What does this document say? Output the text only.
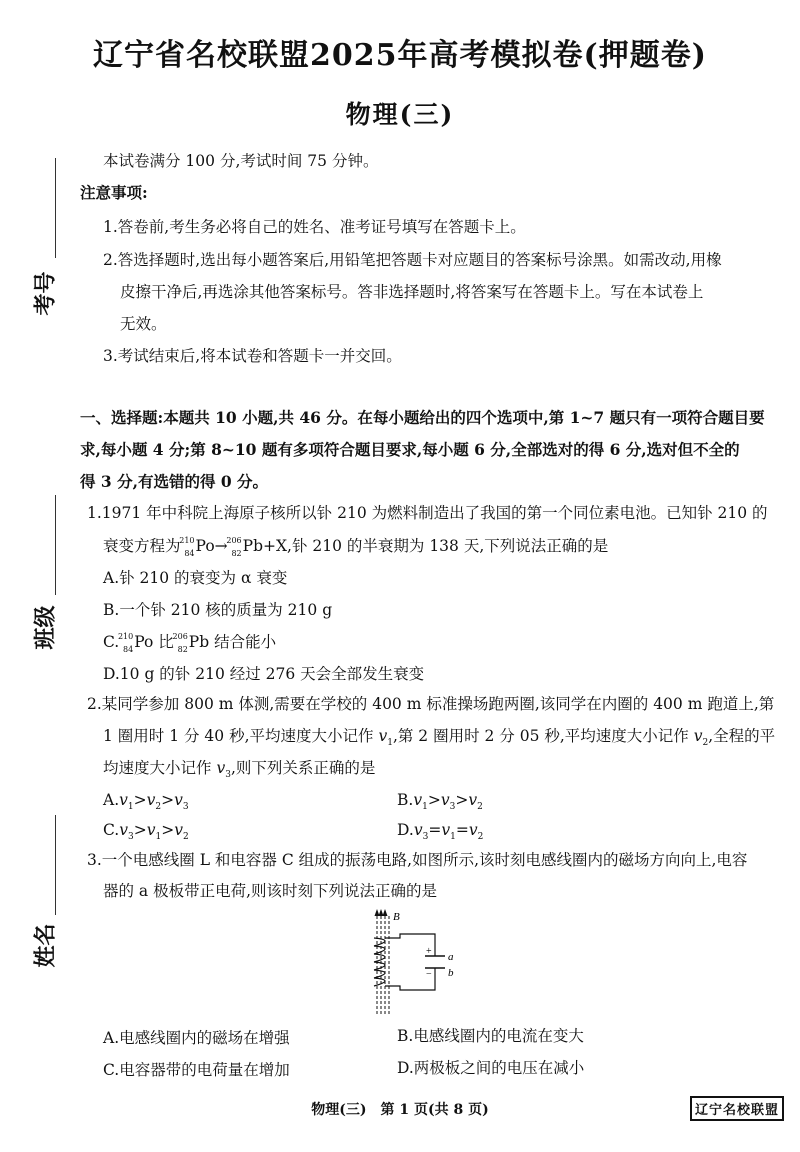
辽宁省名校联盟2025年高考模拟卷(押题卷)
物理(三)
考号
班级
姓名
本试卷满分 100 分,考试时间 75 分钟。
注意事项:
1.答卷前,考生务必将自己的姓名、准考证号填写在答题卡上。
2.答选择题时,选出每小题答案后,用铅笔把答题卡对应题目的答案标号涂黑。如需改动,用橡
皮擦干净后,再选涂其他答案标号。答非选择题时,将答案写在答题卡上。写在本试卷上
无效。
3.考试结束后,将本试卷和答题卡一并交回。
一、选择题:本题共 10 小题,共 46 分。在每小题给出的四个选项中,第 1~7 题只有一项符合题目要
求,每小题 4 分;第 8~10 题有多项符合题目要求,每小题 6 分,全部选对的得 6 分,选对但不全的
得 3 分,有选错的得 0 分。
1.1971 年中科院上海原子核所以钋 210 为燃料制造出了我国的第一个同位素电池。已知钋 210 的
衰变方程为
210
84 Po→
206
82 Pb+X,钋 210 的半衰期为 138 天,下列说法正确的是
A.钋 210 的衰变为 α 衰变
B.一个钋 210 核的质量为 210 g
C.
210
84 Po 比
206
82 Pb 结合能小
D.10 g 的钋 210 经过 276 天会全部发生衰变
2.某同学参加 800 m 体测,需要在学校的 400 m 标准操场跑两圈,该同学在内圈的 400 m 跑道上,第
1 圈用时 1 分 40 秒,平均速度大小记作 $v_1$,第 2 圈用时 2 分 05 秒,平均速度大小记作 $v_2$,全程的平
均速度大小记作 $v_3$,则下列关系正确的是
$A.v_1>v_2>v_3$	$B.v_1>v_3>v_2$
$C.v_3>v_1>v_2$	$D.v_3=v_1=v_2$
3.一个电感线圈 L 和电容器 C 组成的振荡电路,如图所示,该时刻电感线圈内的磁场方向向上,电容
器的 a 极板带正电荷,则该时刻下列说法正确的是
B
+
−
a
b
A.电感线圈内的磁场在增强	B.电感线圈内的电流在变大
C.电容器带的电荷量在增加	D.两极板之间的电压在减小
物理(三)　第 1 页(共 8 页)	辽宁名校联盟
